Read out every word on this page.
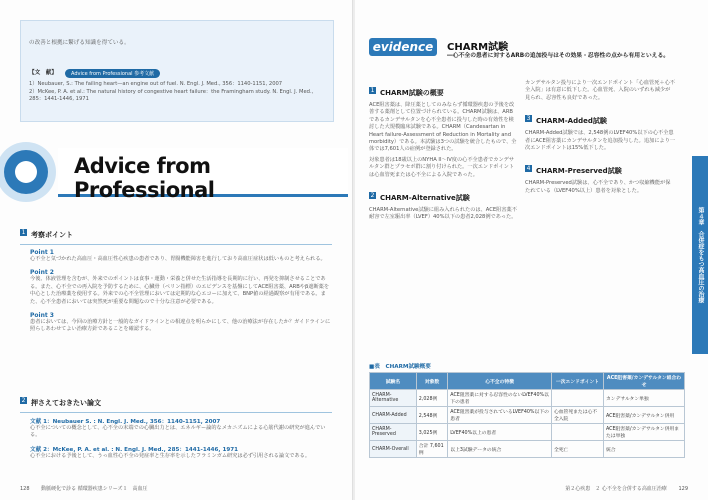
の改善と根拠に繋げる知識を得ている。
【文　献】	Advice from Professional 参考文献
1）Neubauer, S.: The failing heart—an engine out of fuel. N. Engl. J. Med., 356：1140-1151, 2007
2）McKee, P. A. et al.: The natural history of congestive heart failure：the Framingham study. N. Engl. J. Med., 285：1441-1446, 1971
Advice from Professional
1 考察ポイント
Point 1
心不全と気づかれた高血圧・高血圧性心疾患の患者であり、胃腸機能障害を進行しており高血圧症状は低いものと考えられる。
Point 2
今後、体液管理を含むが、外来でのポイントは食事・運動・栄養と併せた生活指導を長期的に行い、再発を抑制させることである。また、心不全での再入院を予防するために、心臓骨（ペリン指標）のエビデンスを基盤にしてACE阻害薬、ARBやβ遮断薬を中心とした治療薬を使用する。外来での心不全管理においては定期的な心エコーに加えて、BNP値の経過観察が有用である。また、心不全患者においては突然死が重要な問題なので十分な注意が必要である。
Point 3
患者においては、今回の治療方針と一般的なガイドラインとの相違点を明らかにして、他の治療法が存在したか？ガイドラインに照らしあわせてよい治療方針であることを確認する。
2 押さえておきたい論文
文献 1：Neubauer S. : N. Engl. J. Med., 356：1140-1151, 2007
心不全についての概念として、心不全の末端での心臓出力とは、エネルギー論的なメカニズムによる心筋代謝の研究が進んでいる。
文献 2：McKee, P. A. et al. : N. Engl. J. Med., 285：1441-1446, 1971
心不全における予後として、うっ血性心不全の発症率と生存率を示したフラミンガム研究は必ず引用される論文である。
128 動脈硬化で診る 循環器疾患シリーズ１　高血圧
evidence	CHARM試験
―心不全の患者に対するARBの追加投与はその効果・忍容性の点から有用といえる。
1 CHARM試験の概要
ACE阻害薬は、降圧薬としてのみならず循環器疾患の予後を改善する薬剤として位置づけられている。CHARM試験は、ARBであるカンデサルタンを心不全患者に投与した時の有効性を検討した大規模臨床試験である。CHARM（Candesartan in Heart failure-Assessment of Reduction in Mortality and morbidity）である。本試験は3つの試験を統合したもので、全体では7,601人の症例が登録された。
対象患者は18歳以上のNYHA II〜IV度の心不全患者でカンデサルタン群とプラセボ群に割り付けられた。一次エンドポイントは心血管死または心不全による入院であった。
2 CHARM-Alternative試験
CHARM-Alternative試験に組み入れられたのは、ACE阻害薬不耐容で左室駆出率（LVEF）40%以下の患者2,028例であった。
カンデサルタン投与により一次エンドポイント「心血管死＋心不全入院」は有意に低下した。心血管死、入院のいずれも減少が見られ、忍容性も良好であった。
3 CHARM-Added試験
CHARM-Added試験では、2,548例のLVEF40%以下の心不全患者にACE阻害薬にカンデサルタンを追加投与した。追加により一次エンドポイントは15%低下した。
4 CHARM-Preserved試験
CHARM-Preserved試験は、心不全であり、かつ収縮機能が保たれている（LVEF40%以上）患者を対象とした。
■表　CHARM試験概要
試験名	対象数	心不全の特徴	一次エンドポイント	ACE阻害薬/カンデサルタン組合わせ
CHARM-Alternative	2,028例	ACE阻害薬に対する忍容性のないLVEF40%以下の患者		カンデサルタン単独
CHARM-Added	2,548例	ACE阻害薬が投与されているLVEF40%以下の患者	心血管死または心不全入院	ACE阻害薬/カンデサルタン併用
CHARM-Preserved	3,025例	LVEF40%以上の患者		ACE阻害薬/カンデサルタン併用または単独
CHARM-Overall	合計 7,601例	以上3試験データの統合	全死亡	統合
第４章　合併症をもつ高血圧の治療
第２心疾患　２ 心不全を合併する高血圧治療 129
